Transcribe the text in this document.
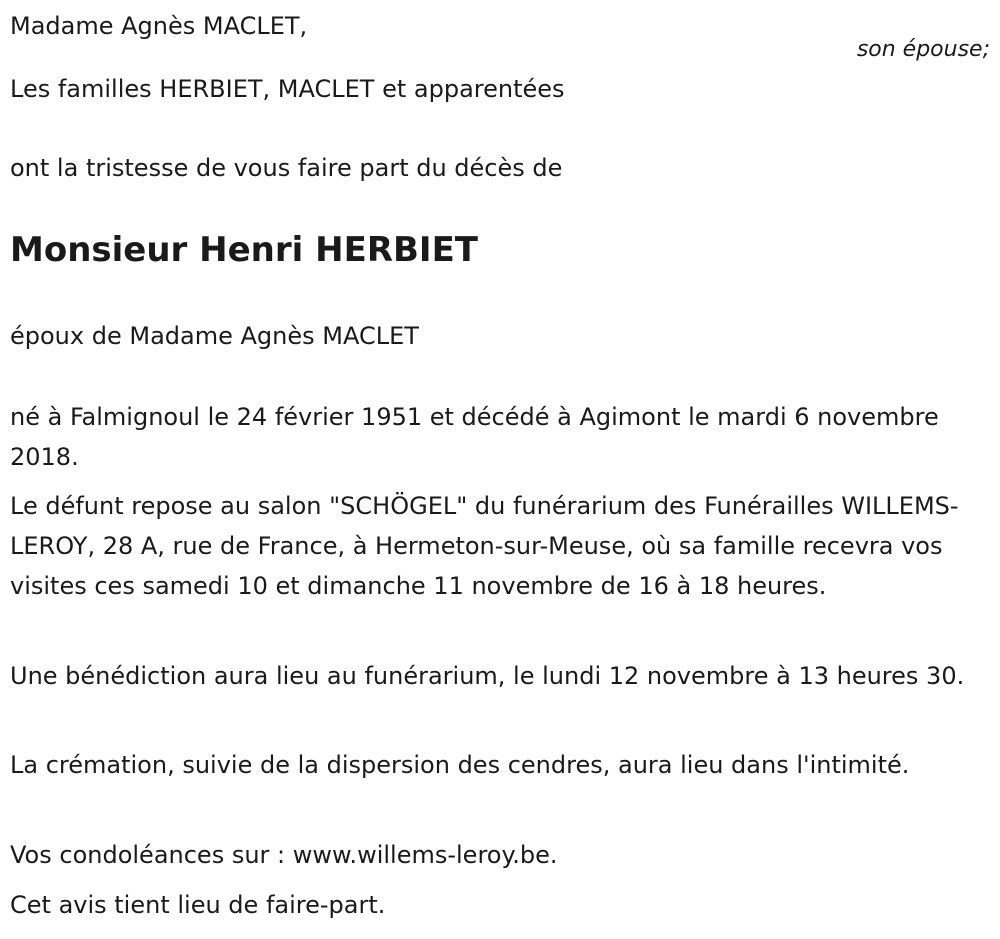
Madame Agnès MACLET,
son épouse;
Les familles HERBIET, MACLET et apparentées
ont la tristesse de vous faire part du décès de
Monsieur Henri HERBIET
époux de Madame Agnès MACLET
né à Falmignoul le 24 février 1951 et décédé à Agimont le mardi 6 novembre 2018.
Le défunt repose au salon "SCHÖGEL" du funérarium des Funérailles WILLEMS-LEROY, 28 A, rue de France, à Hermeton-sur-Meuse, où sa famille recevra vos visites ces samedi 10 et dimanche 11 novembre de 16 à 18 heures.
Une bénédiction aura lieu au funérarium, le lundi 12 novembre à 13 heures 30.
La crémation, suivie de la dispersion des cendres, aura lieu dans l'intimité.
Vos condoléances sur : www.willems-leroy.be.
Cet avis tient lieu de faire-part.
